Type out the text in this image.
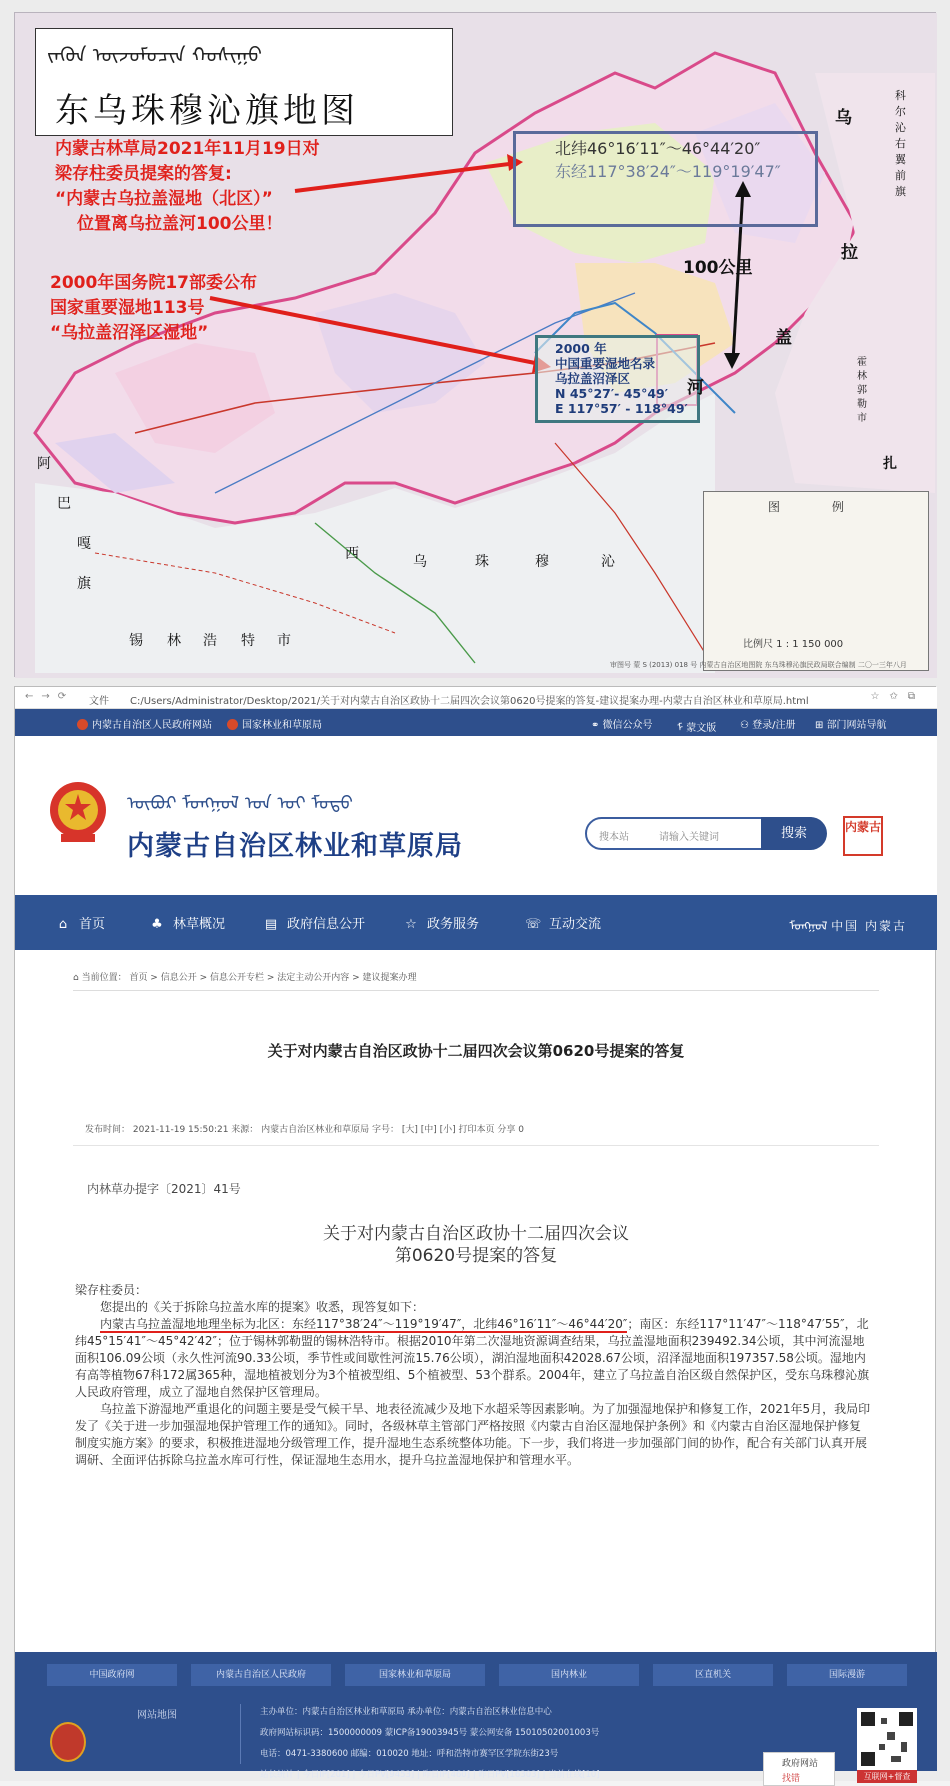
ᠵᠡᠭᠦᠨ ᠦᠵᠦᠮᠦᠴᠢᠨ ᠬᠣᠰᠢᠭᠤ
东乌珠穆沁旗地图
内蒙古林草局2021年11月19日对
梁存柱委员提案的答复:
“内蒙古乌拉盖湿地（北区）”
位置离乌拉盖河100公里！
2000年国务院17部委公布
国家重要湿地113号
“乌拉盖沼泽区湿地”
北纬46°16′11″～46°44′20″
东经117°38′24″～119°19′47″
2000 年
中国重要湿地名录
乌拉盖沼泽区
N 45°27′- 45°49′
E 117°57′ - 118°49′
100公里
乌
拉
盖
河
西	乌	珠	穆	沁
阿
巴
嘎
旗
锡 林 浩 特 市
科
尔
沁
右
翼
前
旗
扎
霍
林
郭
勒
市
图 例
比例尺 1 : 1 150 000
审图号 蒙 S (2013) 018 号 内蒙古自治区地图院 东乌珠穆沁旗民政局联合编制 二〇一三年八月
←→⟳ 文件 C:/Users/Administrator/Desktop/2021/关于对内蒙古自治区政协十二届四次会议第0620号提案的答复-建议提案办理-内蒙古自治区林业和草原局.html	☆✩⧉
内蒙古自治区人民政府网站	国家林业和草原局	⚭ 微信公众号 ᠮ 蒙文版 ⚇ 登录/注册 ⊞ 部门网站导航
ᠥᠪᠥᠷ ᠮᠣᠩᠭᠣᠯ ᠤᠨ ᠣᠢ ᠮᠣᠳᠣ
内蒙古自治区林业和草原局	搜本站	请输入关键词	搜索	内蒙古
⌂ 首页	♣ 林草概况	▤ 政府信息公开	☆ 政务服务	☏ 互动交流	ᠮᠣᠩᠭᠣᠯ 中国 内蒙古
⌂ 当前位置： 首页 > 信息公开 > 信息公开专栏 > 法定主动公开内容 > 建议提案办理
关于对内蒙古自治区政协十二届四次会议第0620号提案的答复
发布时间： 2021-11-19 15:50:21 来源： 内蒙古自治区林业和草原局 字号： [大] [中] [小] 打印本页 分享 0
内林草办提字〔2021〕41号
关于对内蒙古自治区政协十二届四次会议
第0620号提案的答复

梁存柱委员：

您提出的《关于拆除乌拉盖水库的提案》收悉，现答复如下：

内蒙古乌拉盖湿地地理坐标为北区：东经117°38′24″～119°19′47″，北纬46°16′11″～46°44′20″；南区：东经117°11′47″～118°47′55″，北纬45°15′41″～45°42′42″；位于锡林郭勒盟的锡林浩特市。根据2010年第二次湿地资源调查结果，乌拉盖湿地面积239492.34公顷，其中河流湿地面积106.09公顷（永久性河流90.33公顷，季节性或间歇性河流15.76公顷），湖泊湿地面积42028.67公顷，沼泽湿地面积197357.58公顷。湿地内有高等植物67科172属365种，湿地植被划分为3个植被型组、5个植被型、53个群系。2004年，建立了乌拉盖自治区级自然保护区，受东乌珠穆沁旗人民政府管理，成立了湿地自然保护区管理局。

乌拉盖下游湿地严重退化的问题主要是受气候干旱、地表径流减少及地下水超采等因素影响。为了加强湿地保护和修复工作，2021年5月，我局印发了《关于进一步加强湿地保护管理工作的通知》。同时，各级林草主管部门严格按照《内蒙古自治区湿地保护条例》和《内蒙古自治区湿地保护修复制度实施方案》的要求，积极推进湿地分级管理工作，提升湿地生态系统整体功能。下一步，我们将进一步加强部门间的协作，配合有关部门认真开展调研、全面评估拆除乌拉盖水库可行性，保证湿地生态用水，提升乌拉盖湿地保护和管理水平。

中国政府网	内蒙古自治区人民政府	国家林业和草原局	国内林业	区直机关	国际漫游
网站地图	主办单位：内蒙古自治区林业和草原局 承办单位：内蒙古自治区林业信息中心
政府网站标识码：1500000009 蒙ICP备19003945号 蒙公网安备 15010502001003号
电话：0471-3380600 邮编：010020 地址：呼和浩特市赛罕区学院东街23号
站长统计 | 今日IP[201] | 今日PV[9453] | 昨日IP[460] | 昨日PV[16303] | 当前在线[10]
政府网站
找错	互联网+督查
